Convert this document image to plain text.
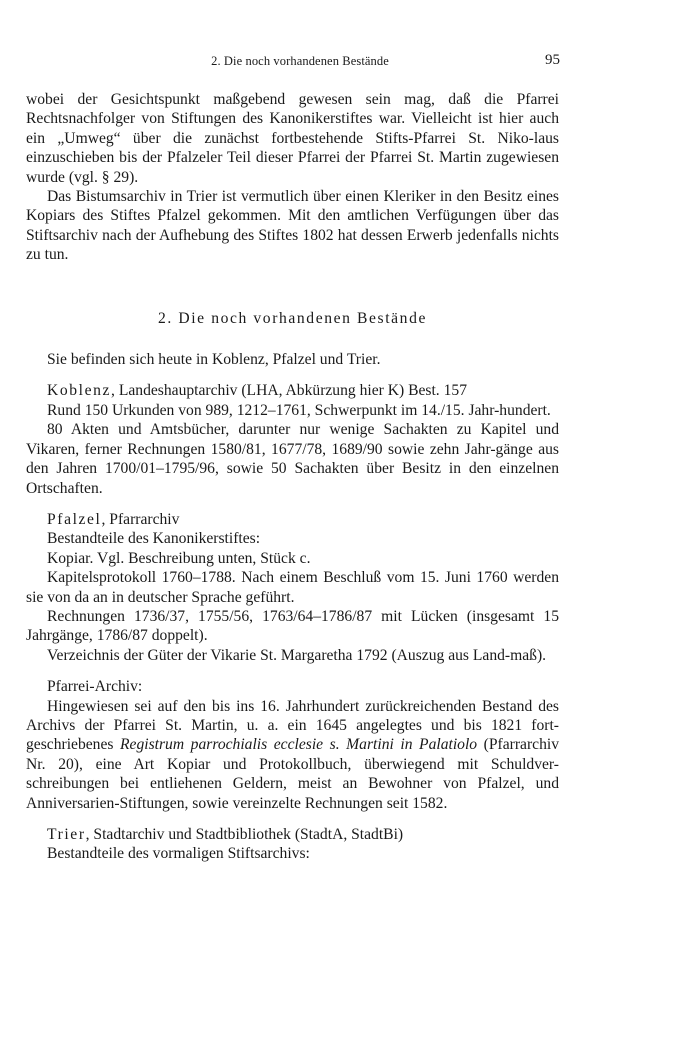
2. Die noch vorhandenen Bestände	95

wobei der Gesichtspunkt maßgebend gewesen sein mag, daß die Pfarrei Rechtsnachfolger von Stiftungen des Kanonikerstiftes war. Vielleicht ist hier auch ein „Umweg“ über die zunächst fortbestehende Stifts-Pfarrei St. Niko-laus einzuschieben bis der Pfalzeler Teil dieser Pfarrei der Pfarrei St. Martin zugewiesen wurde (vgl. § 29).

Das Bistumsarchiv in Trier ist vermutlich über einen Kleriker in den Besitz eines Kopiars des Stiftes Pfalzel gekommen. Mit den amtlichen Verfügungen über das Stiftsarchiv nach der Aufhebung des Stiftes 1802 hat dessen Erwerb jedenfalls nichts zu tun.

2. Die noch vorhandenen Bestände

Sie befinden sich heute in Koblenz, Pfalzel und Trier.

Koblenz, Landeshauptarchiv (LHA, Abkürzung hier K) Best. 157

Rund 150 Urkunden von 989, 1212–1761, Schwerpunkt im 14./15. Jahr-hundert.

80 Akten und Amtsbücher, darunter nur wenige Sachakten zu Kapitel und Vikaren, ferner Rechnungen 1580/81, 1677/78, 1689/90 sowie zehn Jahr-gänge aus den Jahren 1700/01–1795/96, sowie 50 Sachakten über Besitz in den einzelnen Ortschaften.

Pfalzel, Pfarrarchiv

Bestandteile des Kanonikerstiftes:

Kopiar. Vgl. Beschreibung unten, Stück c.

Kapitelsprotokoll 1760–1788. Nach einem Beschluß vom 15. Juni 1760 werden sie von da an in deutscher Sprache geführt.

Rechnungen 1736/37, 1755/56, 1763/64–1786/87 mit Lücken (insgesamt 15 Jahrgänge, 1786/87 doppelt).

Verzeichnis der Güter der Vikarie St. Margaretha 1792 (Auszug aus Land-maß).

Pfarrei-Archiv:

Hingewiesen sei auf den bis ins 16. Jahrhundert zurückreichenden Bestand des Archivs der Pfarrei St. Martin, u. a. ein 1645 angelegtes und bis 1821 fort-geschriebenes Registrum parrochialis ecclesie s. Martini in Palatiolo (Pfarrarchiv Nr. 20), eine Art Kopiar und Protokollbuch, überwiegend mit Schuldver-schreibungen bei entliehenen Geldern, meist an Bewohner von Pfalzel, und Anniversarien-Stiftungen, sowie vereinzelte Rechnungen seit 1582.

Trier, Stadtarchiv und Stadtbibliothek (StadtA, StadtBi)

Bestandteile des vormaligen Stiftsarchivs:
